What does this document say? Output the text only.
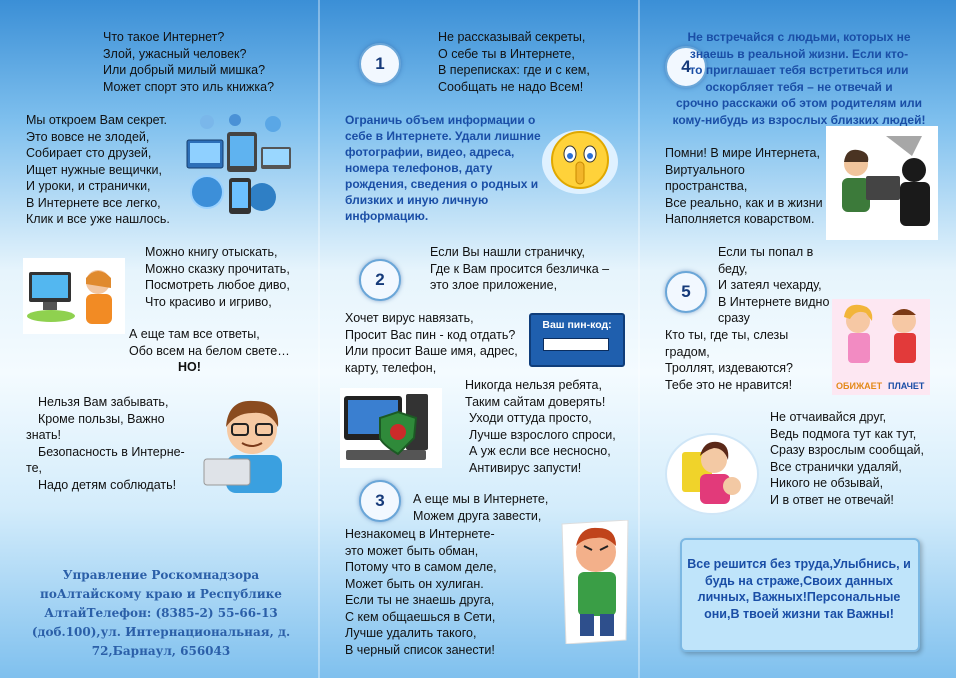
Что такое Интернет?
Злой, ужасный человек?
Или добрый милый мишка?
Может спорт это иль книжка?
Мы откроем Вам секрет.
Это вовсе не злодей,
Собирает сто друзей,
Ищет нужные вещички,
И уроки, и странички,
В Интернете все легко,
Клик и все уже нашлось.
Можно книгу отыскать,
Можно сказку прочитать,
Посмотреть любое диво,
Что красиво и игриво,
А еще там все ответы,
Обо всем на белом свете…
НО!
Нельзя Вам забывать,
Кроме пользы, Важно
знать!
Безопасность в Интерне-
те,
Надо детям соблюдать!
Управление Роскомнадзора поАлтайскому краю и Республике АлтайТелефон: (8385-2) 55-66-13 (доб.100),ул. Интернациональная, д. 72,Барнаул, 656043
1
Не рассказывай секреты,
О себе ты в Интернете,
В переписках: где и с кем,
Сообщать не надо Всем!
Ограничь объем информации о
себе в Интернете. Удали лишние
фотографии, видео, адреса,
номера телефонов, дату
рождения, сведения о родных и
близких и иную личную
информацию.
2
Если Вы нашли страничку,
Где к Вам просится безличка –
это злое приложение,
Хочет вирус навязать,
Просит Вас пин - код отдать?
Или просит Ваше имя, адрес,
карту, телефон,
Ваш пин-код:
Никогда нельзя ребята,
Таким сайтам доверять!
Уходи оттуда просто,
Лучше взрослого спроси,
А уж если все несносно,
Антивирус запусти!
3	А еще мы в Интернете,
Можем друга завести,
Незнакомец в Интернете-
это может быть обман,
Потому что в самом деле,
Может быть он хулиган.
Если ты не знаешь друга,
С кем общаешься в Сети,
Лучше удалить такого,
В черный список занести!
4
Не встречайся с людьми, которых не
знаешь в реальной жизни. Если кто-
то приглашает тебя встретиться или
оскорбляет тебя – не отвечай и
срочно расскажи об этом родителям или
кому-нибудь из взрослых близких людей!
Помни! В мире Интернета,
Виртуального
пространства,
Все реально, как и в жизни
Наполняется коварством.
5
Если ты попал в
беду,
И затеял чехарду,
В Интернете видно
сразу
Кто ты, где ты, слезы
градом,
Троллят, издеваются?
Тебе это не нравится!	ОБИЖАЕТ ПЛАЧЕТ
Не отчаивайся друг,
Ведь подмога тут как тут,
Сразу взрослым сообщай,
Все странички удаляй,
Никого не обзывай,
И в ответ не отвечай!
Все решится без труда,Улыбнись, и будь на страже,Своих данных личных, Важных!Персональные они,В твоей жизни так Важны!
